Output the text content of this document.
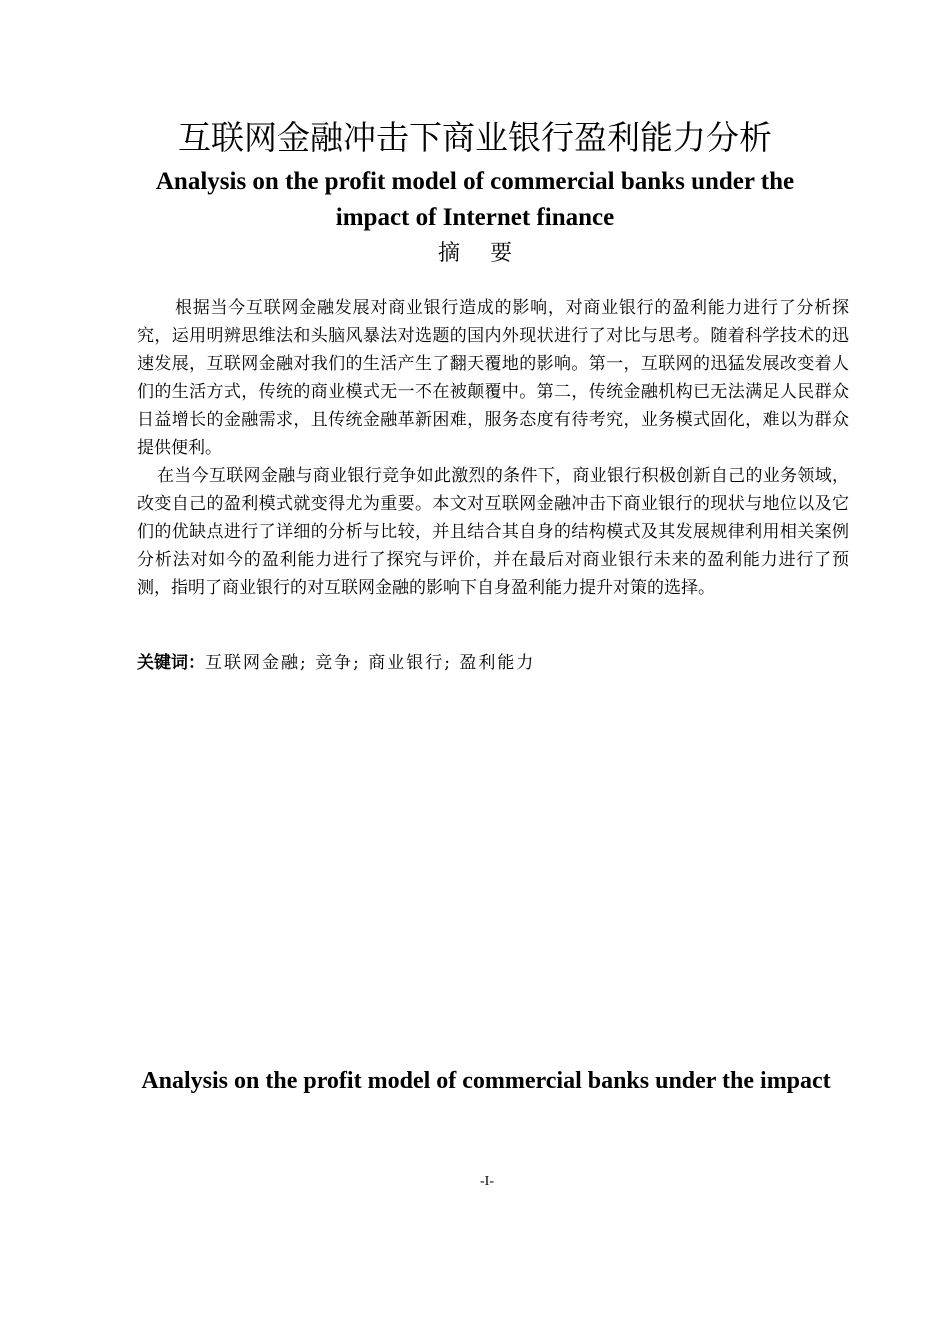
互联网金融冲击下商业银行盈利能力分析
Analysis on the profit model of commercial banks under the impact of Internet finance
摘要

根据当今互联网金融发展对商业银行造成的影响，对商业银行的盈利能力进行了分析探究，运用明辨思维法和头脑风暴法对选题的国内外现状进行了对比与思考。随着科学技术的迅速发展，互联网金融对我们的生活产生了翻天覆地的影响。第一，互联网的迅猛发展改变着人们的生活方式，传统的商业模式无一不在被颠覆中。第二，传统金融机构已无法满足人民群众日益增长的金融需求，且传统金融革新困难，服务态度有待考究，业务模式固化，难以为群众提供便利。

在当今互联网金融与商业银行竞争如此激烈的条件下，商业银行积极创新自己的业务领域，改变自己的盈利模式就变得尤为重要。本文对互联网金融冲击下商业银行的现状与地位以及它们的优缺点进行了详细的分析与比较，并且结合其自身的结构模式及其发展规律利用相关案例分析法对如今的盈利能力进行了探究与评价，并在最后对商业银行未来的盈利能力进行了预测，指明了商业银行的对互联网金融的影响下自身盈利能力提升对策的选择。

关键词：互联网金融; 竞争; 商业银行; 盈利能力
Analysis on the profit model of commercial banks under the impact
-I-
